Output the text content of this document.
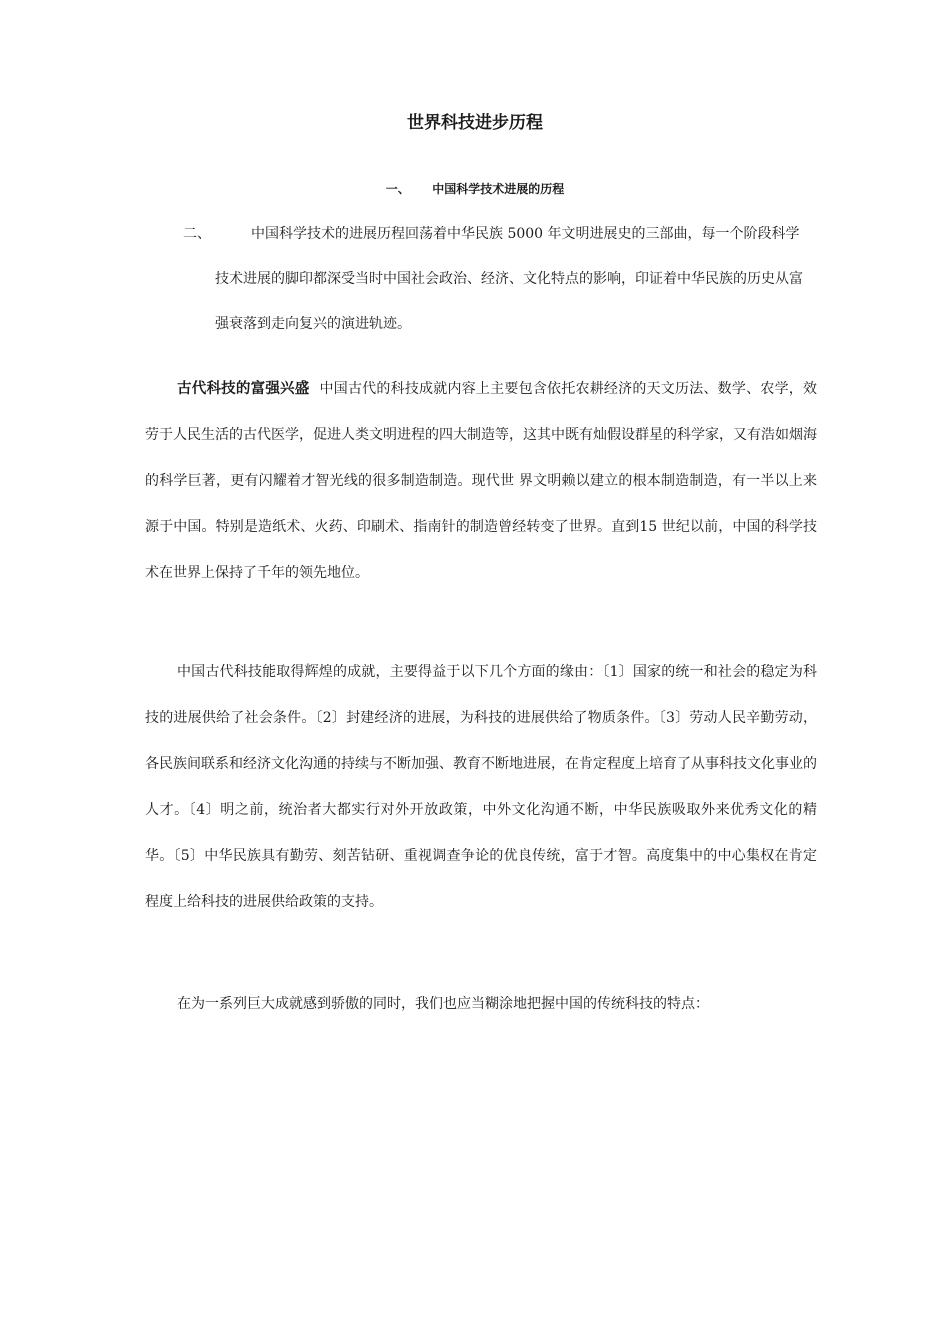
世界科技进步历程
一、 中国科学技术进展的历程
二、	中国科学技术的进展历程回荡着中华民族 5000 年文明进展史的三部曲，每一个阶段科学技术进展的脚印都深受当时中国社会政治、经济、文化特点的影响，印证着中华民族的历史从富强衰落到走向复兴的演进轨迹。
古代科技的富强兴盛 中国古代的科技成就内容上主要包含依托农耕经济的天文历法、数学、农学，效劳于人民生活的古代医学，促进人类文明进程的四大制造等，这其中既有灿假设群星的科学家，又有浩如烟海的科学巨著，更有闪耀着才智光线的很多制造制造。现代世 界文明赖以建立的根本制造制造，有一半以上来源于中国。特别是造纸术、火药、印刷术、指南针的制造曾经转变了世界。直到15 世纪以前，中国的科学技术在世界上保持了千年的领先地位。
中国古代科技能取得辉煌的成就，主要得益于以下几个方面的缘由：〔1〕国家的统一和社会的稳定为科技的进展供给了社会条件。〔2〕封建经济的进展，为科技的进展供给了物质条件。〔3〕劳动人民辛勤劳动，各民族间联系和经济文化沟通的持续与不断加强、教育不断地进展，在肯定程度上培育了从事科技文化事业的人才。〔4〕明之前，统治者大都实行对外开放政策，中外文化沟通不断，中华民族吸取外来优秀文化的精华。〔5〕中华民族具有勤劳、刻苦钻研、重视调查争论的优良传统，富于才智。高度集中的中心集权在肯定程度上给科技的进展供给政策的支持。
在为一系列巨大成就感到骄傲的同时，我们也应当糊涂地把握中国的传统科技的特点：
